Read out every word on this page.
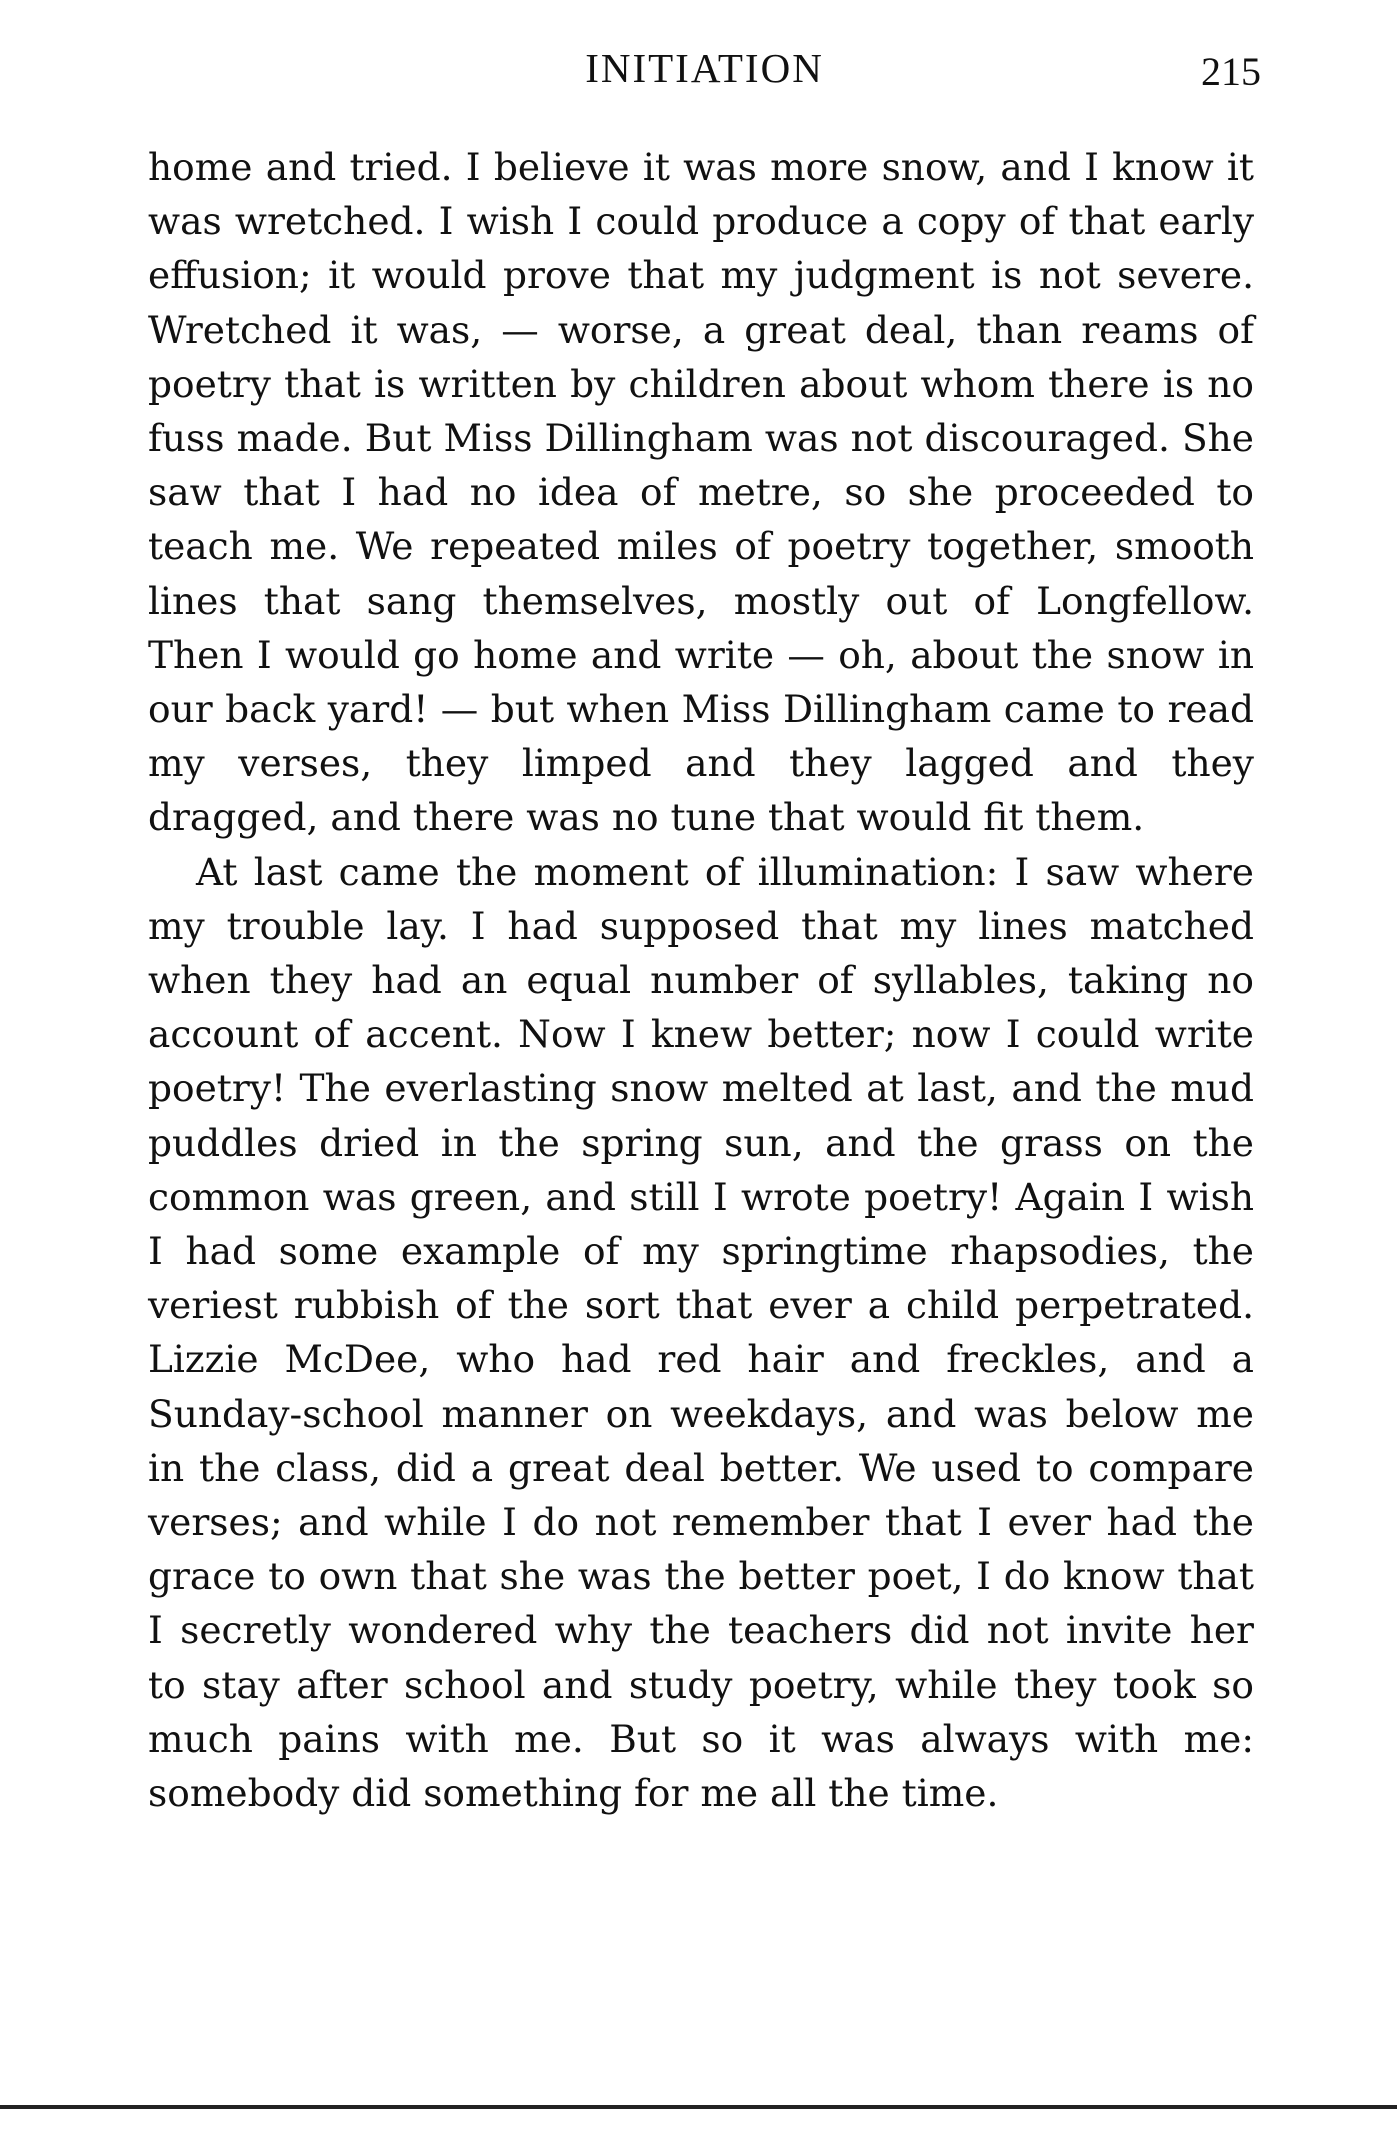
INITIATION	215

home and tried. I believe it was more snow, and I know it was wretched. I wish I could produce a copy of that early effusion; it would prove that my judgment is not severe. Wretched it was, — worse, a great deal, than reams of poetry that is written by children about whom there is no fuss made. But Miss Dillingham was not discouraged. She saw that I had no idea of metre, so she proceeded to teach me. We repeated miles of poetry together, smooth lines that sang themselves, mostly out of Longfellow. Then I would go home and write — oh, about the snow in our back yard! — but when Miss Dillingham came to read my verses, they limped and they lagged and they dragged, and there was no tune that would fit them.

At last came the moment of illumination: I saw where my trouble lay. I had supposed that my lines matched when they had an equal number of syllables, taking no account of accent. Now I knew better; now I could write poetry! The everlasting snow melted at last, and the mud puddles dried in the spring sun, and the grass on the common was green, and still I wrote poetry! Again I wish I had some example of my springtime rhapsodies, the veriest rubbish of the sort that ever a child perpetrated. Lizzie McDee, who had red hair and freckles, and a Sunday-school manner on weekdays, and was below me in the class, did a great deal better. We used to compare verses; and while I do not remember that I ever had the grace to own that she was the better poet, I do know that I secretly wondered why the teachers did not invite her to stay after school and study poetry, while they took so much pains with me. But so it was always with me: somebody did something for me all the time.
